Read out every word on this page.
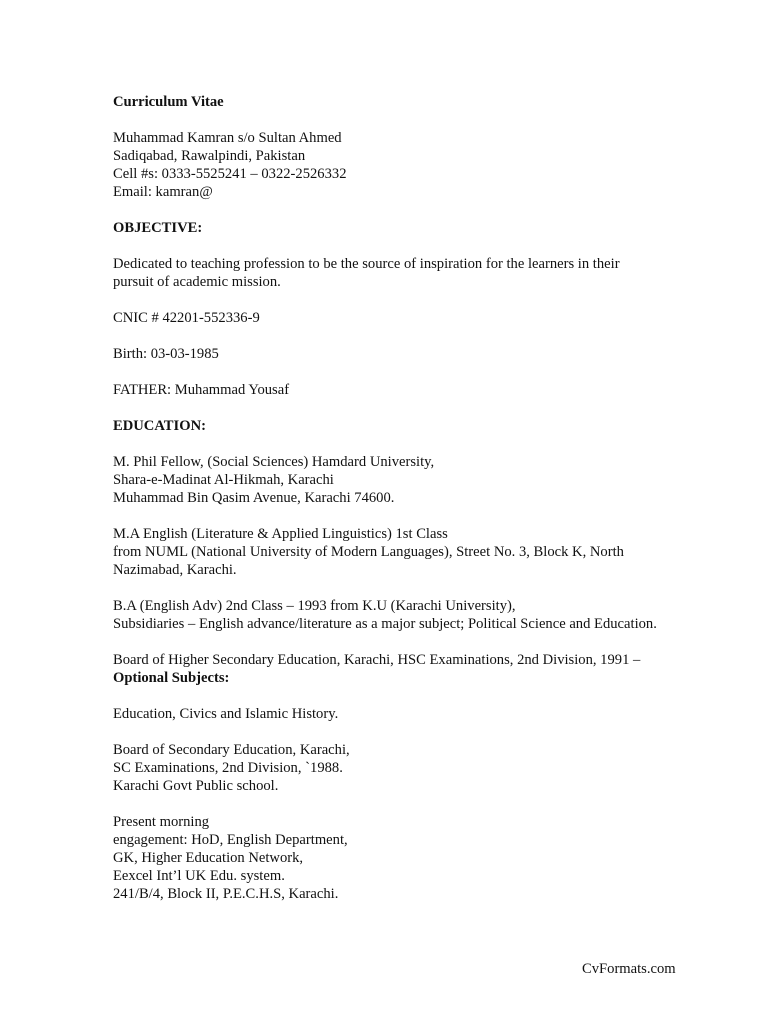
Curriculum Vitae
Muhammad Kamran s/o Sultan Ahmed
Sadiqabad, Rawalpindi, Pakistan
Cell #s: 0333-5525241 – 0322-2526332
Email: kamran@
OBJECTIVE:
Dedicated to teaching profession to be the source of inspiration for the learners in their
pursuit of academic mission.
CNIC # 42201-552336-9
Birth: 03-03-1985
FATHER: Muhammad Yousaf
EDUCATION:
M. Phil Fellow, (Social Sciences) Hamdard University,
Shara-e-Madinat Al-Hikmah, Karachi
Muhammad Bin Qasim Avenue, Karachi 74600.
M.A English (Literature & Applied Linguistics) 1st Class
from NUML (National University of Modern Languages), Street No. 3, Block K, North
Nazimabad, Karachi.
B.A (English Adv) 2nd Class – 1993 from K.U (Karachi University),
Subsidiaries – English advance/literature as a major subject; Political Science and Education.
Board of Higher Secondary Education, Karachi, HSC Examinations, 2nd Division, 1991 –
Optional Subjects:
Education, Civics and Islamic History.
Board of Secondary Education, Karachi,
SC Examinations, 2nd Division, `1988.
Karachi Govt Public school.
Present morning
engagement: HoD, English Department,
GK, Higher Education Network,
Eexcel Int’l UK Edu. system.
241/B/4, Block II, P.E.C.H.S, Karachi.
CvFormats.com
